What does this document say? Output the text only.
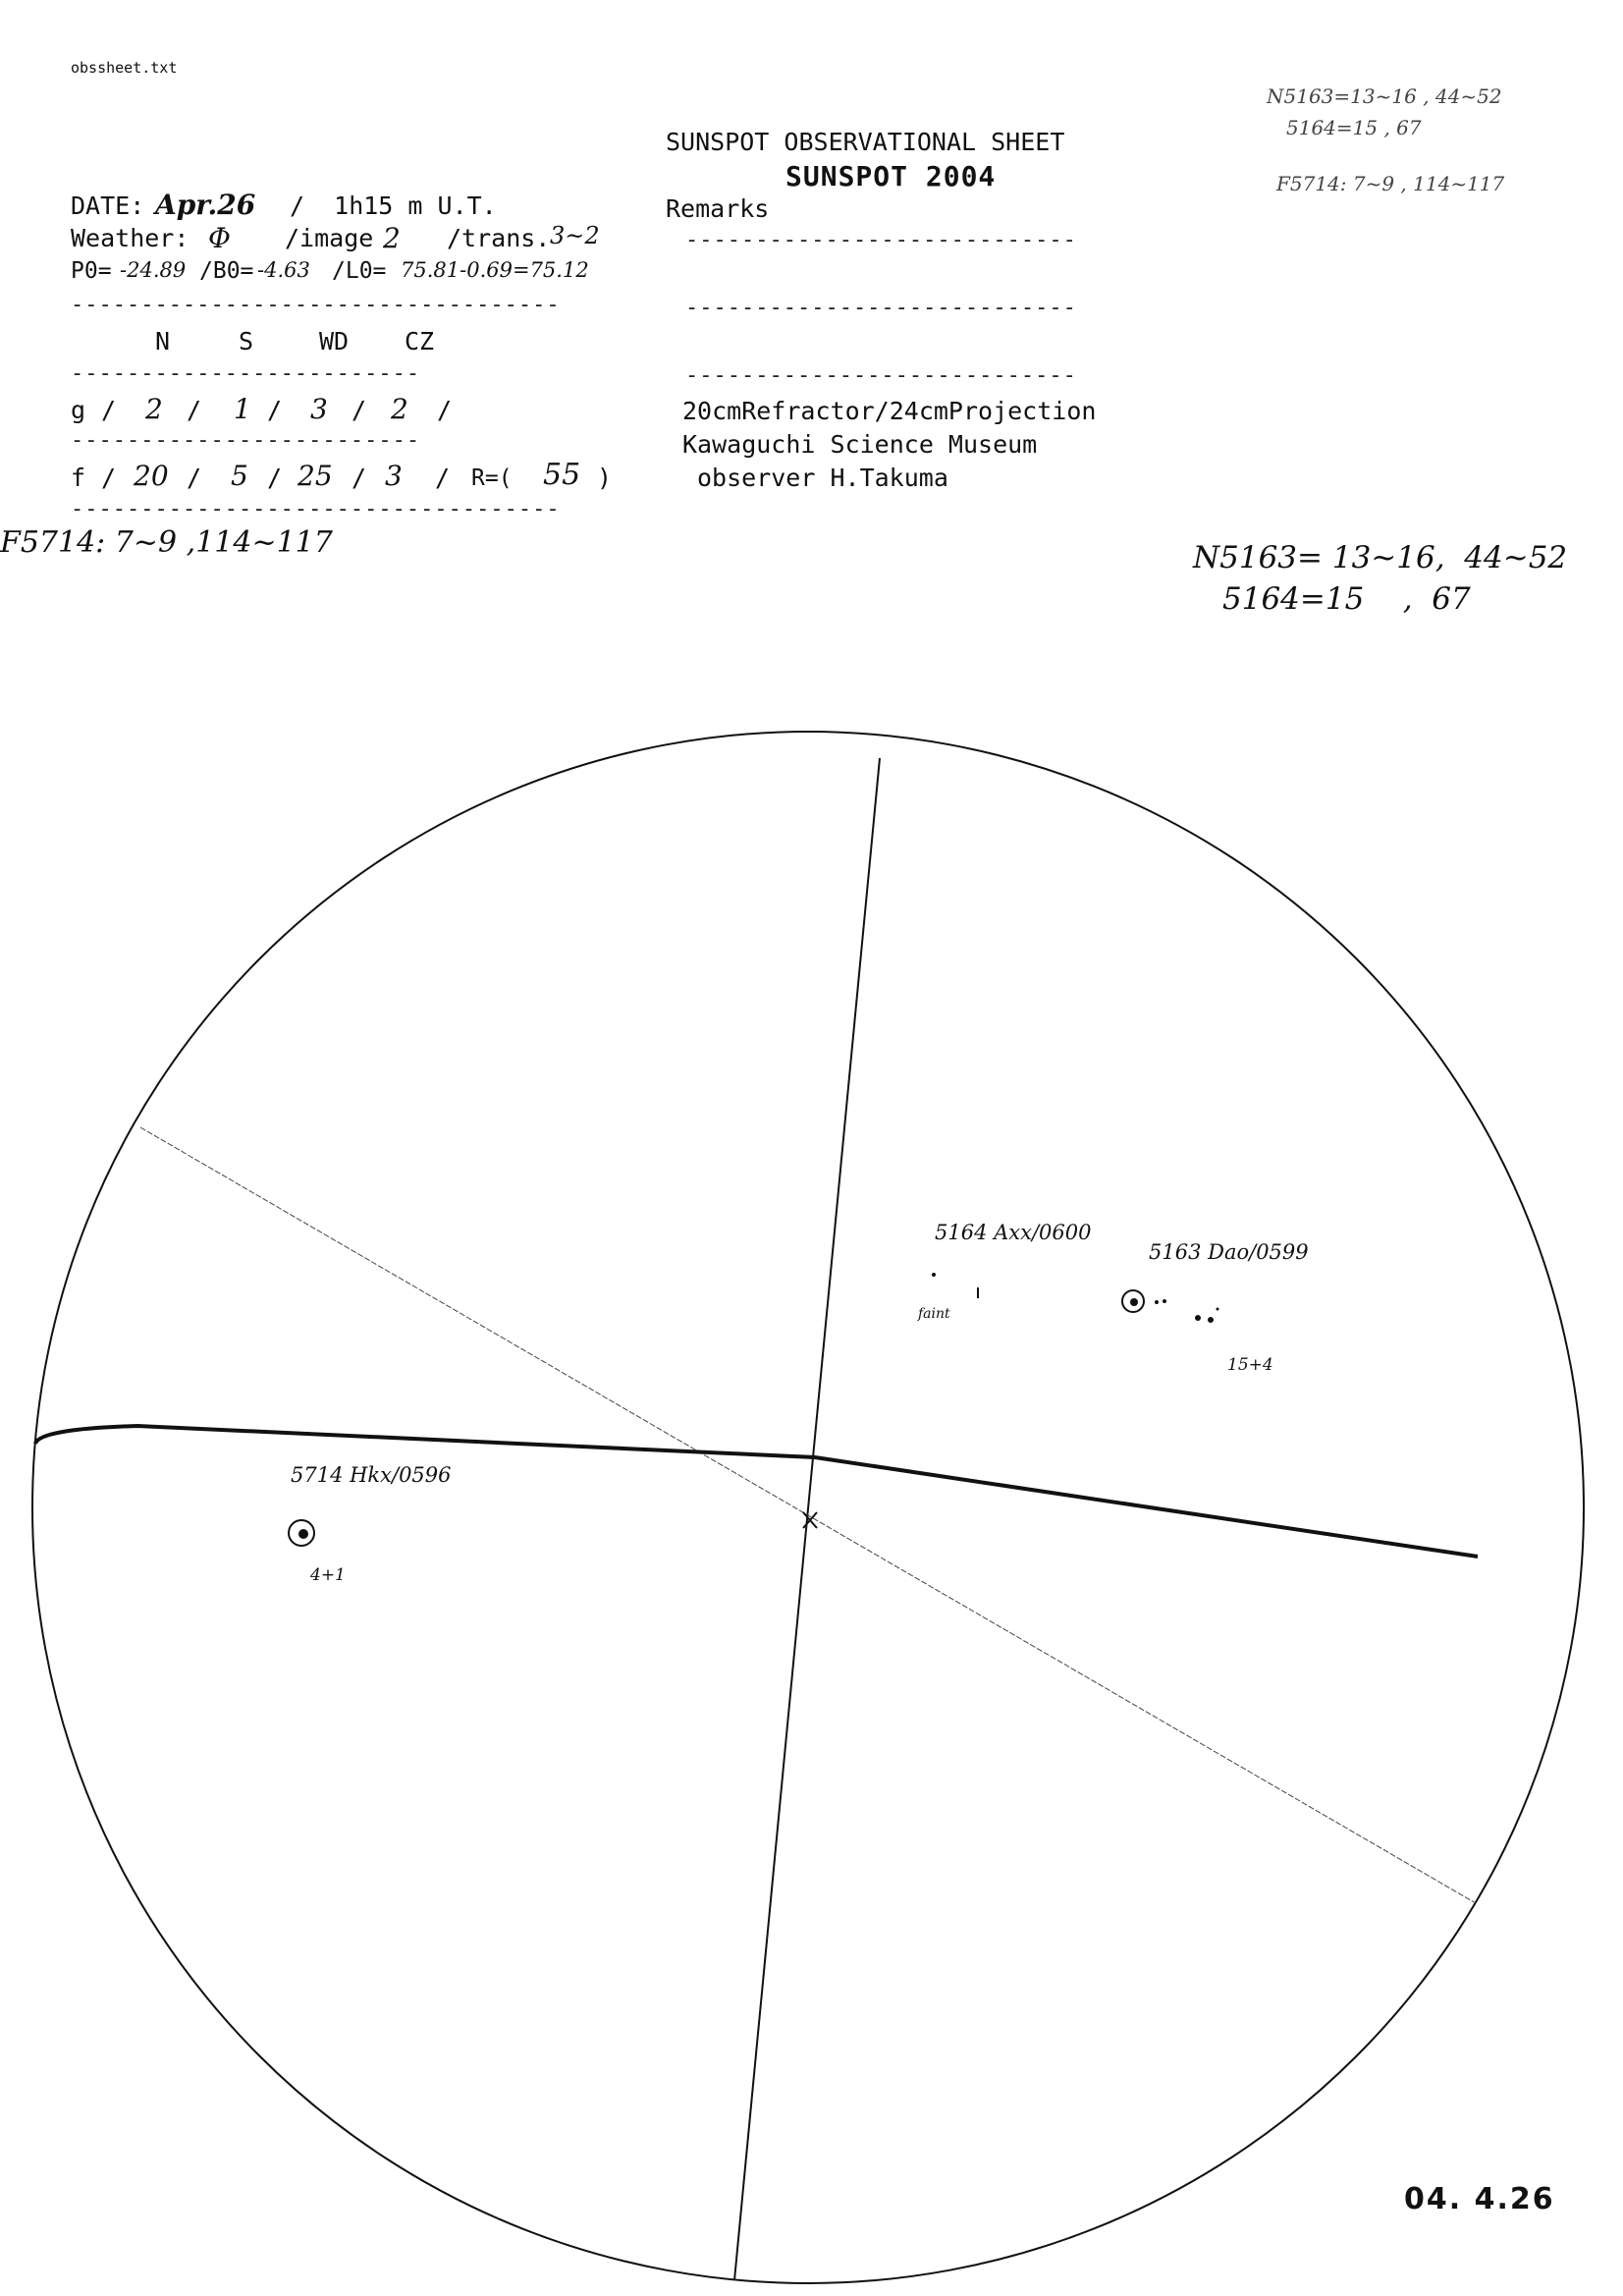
obssheet.txt
N5163=13~16 , 44~52
5164=15 , 67
F5714: 7~9 , 114~117
SUNSPOT OBSERVATIONAL SHEET
SUNSPOT 2004
DATE: Apr.26 /  1h15 m U.T.
Weather: Φ /image 2 /trans. 3~2
P0= -24.89 /B0= -4.63 /L0= 75.81-0.69=75.12
-----------------------------------
N	S	WD CZ
-------------------------
g / 2 / 1 / 3 / 2 /
-------------------------
f / 20 / 5 / 25 / 3 / R=( 55 )
-----------------------------------
Remarks
----------------------------
----------------------------
----------------------------
20cmRefractor/24cmProjection
Kawaguchi Science Museum
observer H.Takuma
F5714: 7~9 ,114~117	N5163= 13~16,  44~52
5164=15    ,  67
5164 Axx/0600
5163 Dao/0599
faint
15+4
5714 Hkx/0596
4+1
04. 4.26
